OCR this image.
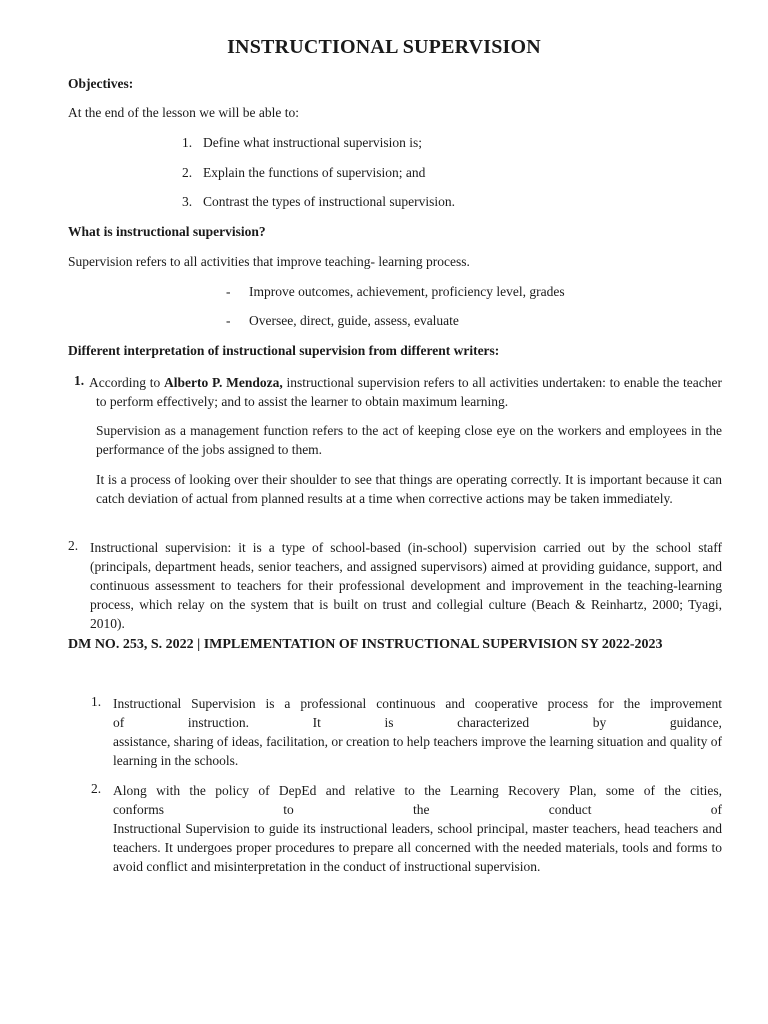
INSTRUCTIONAL SUPERVISION
Objectives:
At the end of the lesson we will be able to:
1. Define what instructional supervision is;
2. Explain the functions of supervision; and
3. Contrast the types of instructional supervision.
What is instructional supervision?
Supervision refers to all activities that improve teaching- learning process.
- Improve outcomes, achievement, proficiency level, grades
- Oversee, direct, guide, assess, evaluate
Different interpretation of instructional supervision from different writers:
1. According to Alberto P. Mendoza, instructional supervision refers to all activities undertaken: to enable the teacher to perform effectively; and to assist the learner to obtain maximum learning.
Supervision as a management function refers to the act of keeping close eye on the workers and employees in the performance of the jobs assigned to them.
It is a process of looking over their shoulder to see that things are operating correctly. It is important because it can catch deviation of actual from planned results at a time when corrective actions may be taken immediately.
2. Instructional supervision: it is a type of school-based (in-school) supervision carried out by the school staff (principals, department heads, senior teachers, and assigned supervisors) aimed at providing guidance, support, and continuous assessment to teachers for their professional development and improvement in the teaching-learning process, which relay on the system that is built on trust and collegial culture (Beach & Reinhartz, 2000; Tyagi, 2010).
DM NO. 253, S. 2022 | IMPLEMENTATION OF INSTRUCTIONAL SUPERVISION SY 2022-2023
1. Instructional Supervision is a professional continuous and cooperative process for the improvement
of	instruction.	It	is	characterized	by	guidance,
assistance, sharing of ideas, facilitation, or creation to help teachers improve the learning situation and quality of learning in the schools.
2. Along with the policy of DepEd and relative to the Learning Recovery Plan, some of the cities,
conforms	to	the	conduct	of
Instructional Supervision to guide its instructional leaders, school principal, master teachers, head teachers and teachers. It undergoes proper procedures to prepare all concerned with the needed materials, tools and forms to avoid conflict and misinterpretation in the conduct of instructional supervision.
